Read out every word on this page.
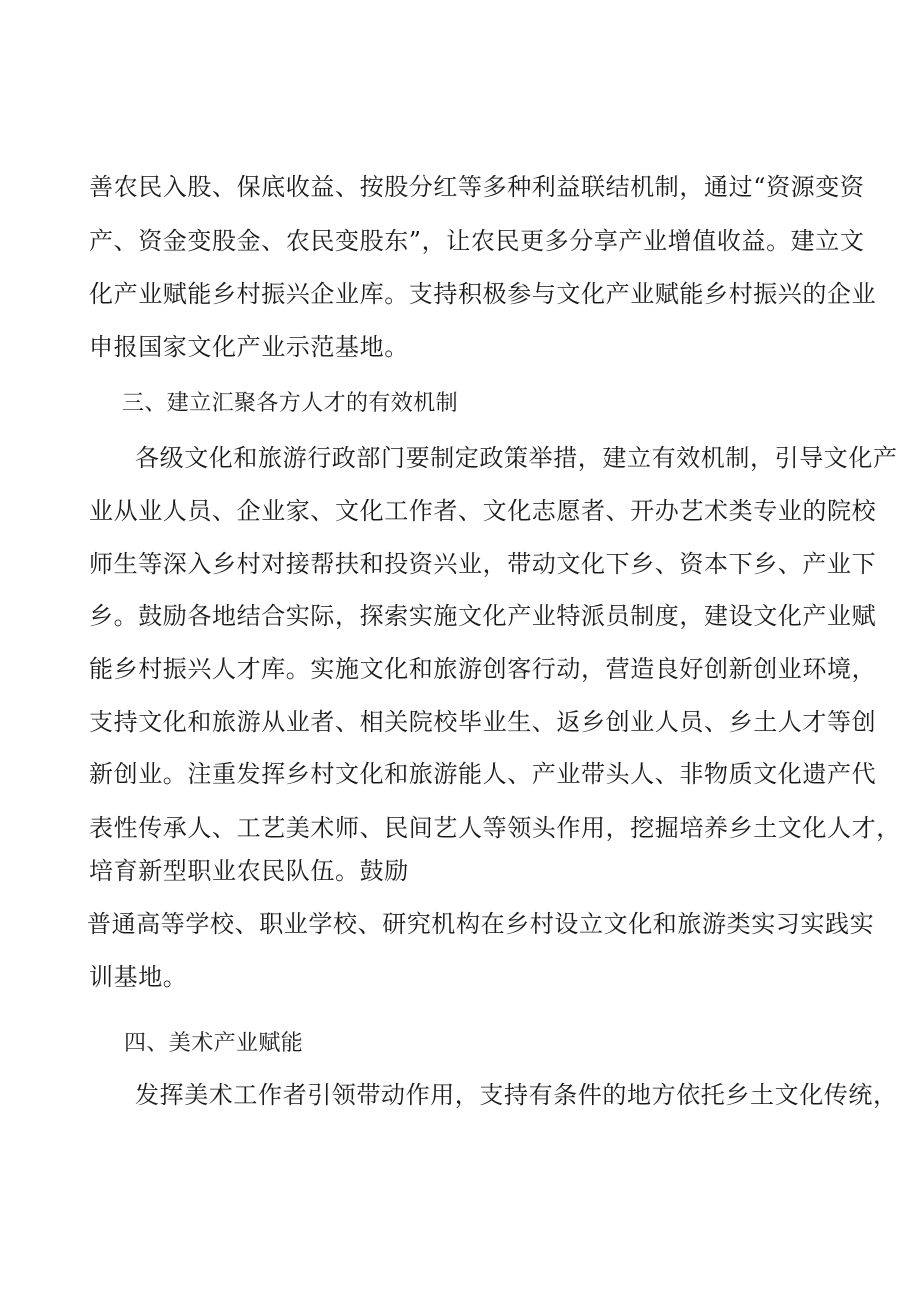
善农民入股、保底收益、按股分红等多种利益联结机制，通过“资源变资
产、资金变股金、农民变股东”，让农民更多分享产业增值收益。建立文
化产业赋能乡村振兴企业库。支持积极参与文化产业赋能乡村振兴的企业
申报国家文化产业示范基地。
三、建立汇聚各方人才的有效机制
各级文化和旅游行政部门要制定政策举措，建立有效机制，引导文化产
业从业人员、企业家、文化工作者、文化志愿者、开办艺术类专业的院校
师生等深入乡村对接帮扶和投资兴业，带动文化下乡、资本下乡、产业下
乡。鼓励各地结合实际，探索实施文化产业特派员制度，建设文化产业赋
能乡村振兴人才库。实施文化和旅游创客行动，营造良好创新创业环境，
支持文化和旅游从业者、相关院校毕业生、返乡创业人员、乡土人才等创
新创业。注重发挥乡村文化和旅游能人、产业带头人、非物质文化遗产代
表性传承人、工艺美术师、民间艺人等领头作用，挖掘培养乡土文化人才，
培育新型职业农民队伍。鼓励
普通高等学校、职业学校、研究机构在乡村设立文化和旅游类实习实践实
训基地。
四、美术产业赋能
发挥美术工作者引领带动作用，支持有条件的地方依托乡土文化传统，
